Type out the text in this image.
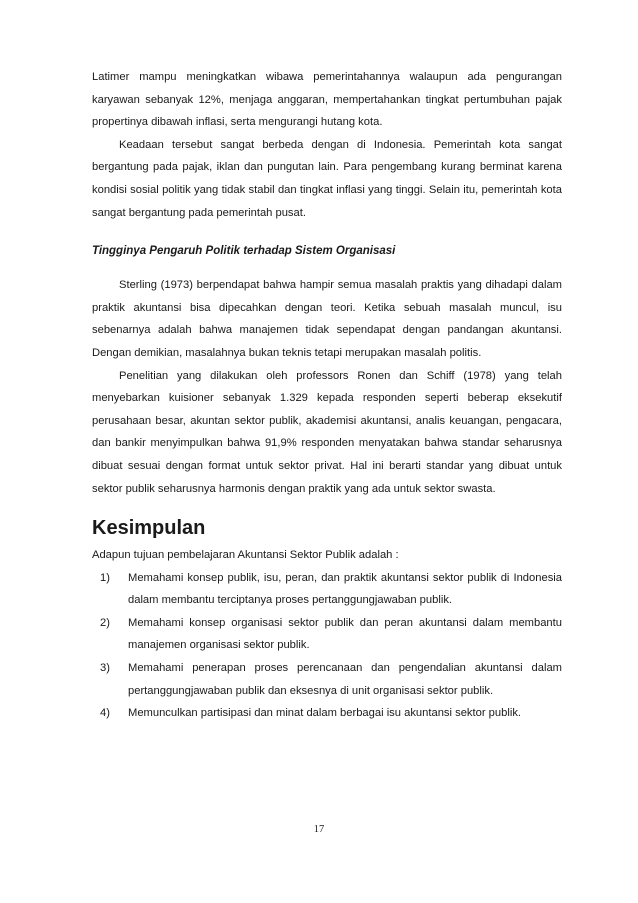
Latimer mampu meningkatkan wibawa pemerintahannya walaupun ada pengurangan karyawan sebanyak 12%, menjaga anggaran, mempertahankan tingkat pertumbuhan pajak propertinya dibawah inflasi, serta mengurangi hutang kota.

Keadaan tersebut sangat berbeda dengan di Indonesia. Pemerintah kota sangat bergantung pada pajak, iklan dan pungutan lain. Para pengembang kurang berminat karena kondisi sosial politik yang tidak stabil dan tingkat inflasi yang tinggi. Selain itu, pemerintah kota sangat bergantung pada pemerintah pusat.

Tingginya Pengaruh Politik terhadap Sistem Organisasi

Sterling (1973) berpendapat bahwa hampir semua masalah praktis yang dihadapi dalam praktik akuntansi bisa dipecahkan dengan teori. Ketika sebuah masalah muncul, isu sebenarnya adalah bahwa manajemen tidak sependapat dengan pandangan akuntansi. Dengan demikian, masalahnya bukan teknis tetapi merupakan masalah politis.

Penelitian yang dilakukan oleh professors Ronen dan Schiff (1978) yang telah menyebarkan kuisioner sebanyak 1.329 kepada responden seperti beberap eksekutif perusahaan besar, akuntan sektor publik, akademisi akuntansi, analis keuangan, pengacara, dan bankir menyimpulkan bahwa 91,9% responden menyatakan bahwa standar seharusnya dibuat sesuai dengan format untuk sektor privat. Hal ini berarti standar yang dibuat untuk sektor publik seharusnya harmonis dengan praktik yang ada untuk sektor swasta.

Kesimpulan

Adapun tujuan pembelajaran Akuntansi Sektor Publik adalah :

1) Memahami konsep publik, isu, peran, dan praktik akuntansi sektor publik di Indonesia dalam membantu terciptanya proses pertanggungjawaban publik.
2) Memahami konsep organisasi sektor publik dan peran akuntansi dalam membantu manajemen organisasi sektor publik.
3) Memahami penerapan proses perencanaan dan pengendalian akuntansi dalam pertanggungjawaban publik dan eksesnya di unit organisasi sektor publik.
4) Memunculkan partisipasi dan minat dalam berbagai isu akuntansi sektor publik.
17
